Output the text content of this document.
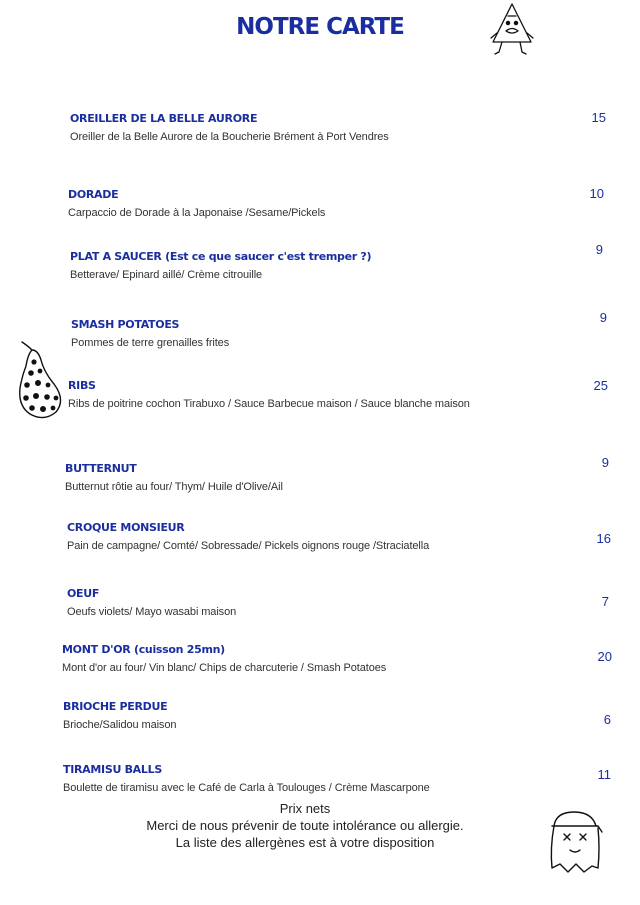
NOTRE CARTE
OREILLER DE LA BELLE AURORE
Oreiller de la Belle Aurore de la Boucherie Brément à Port Vendres
15
DORADE
Carpaccio de Dorade à la Japonaise /Sesame/Pickels
10
PLAT A SAUCER (Est ce que saucer c'est tremper ?)
Betterave/ Epinard aillé/ Crème citrouille
9
SMASH POTATOES
Pommes de terre grenailles frites
9
RIBS
Ribs de poitrine cochon Tirabuxo / Sauce Barbecue maison / Sauce blanche maison
25
BUTTERNUT
Butternut rôtie au four/ Thym/ Huile d'Olive/Ail
9
CROQUE MONSIEUR
Pain de campagne/ Comté/ Sobressade/ Pickels oignons rouge /Straciatella	16
OEUF
Oeufs violets/ Mayo wasabi maison
7
MONT D'OR (cuisson 25mn)
Mont d'or au four/ Vin blanc/ Chips de charcuterie / Smash Potatoes
20
BRIOCHE PERDUE
Brioche/Salidou maison	6
TIRAMISU BALLS
Boulette de tiramisu avec le Café de Carla à Toulouges / Crème Mascarpone
11
Prix nets
Merci de nous prévenir de toute intolérance ou allergie.
La liste des allergènes est à votre disposition
